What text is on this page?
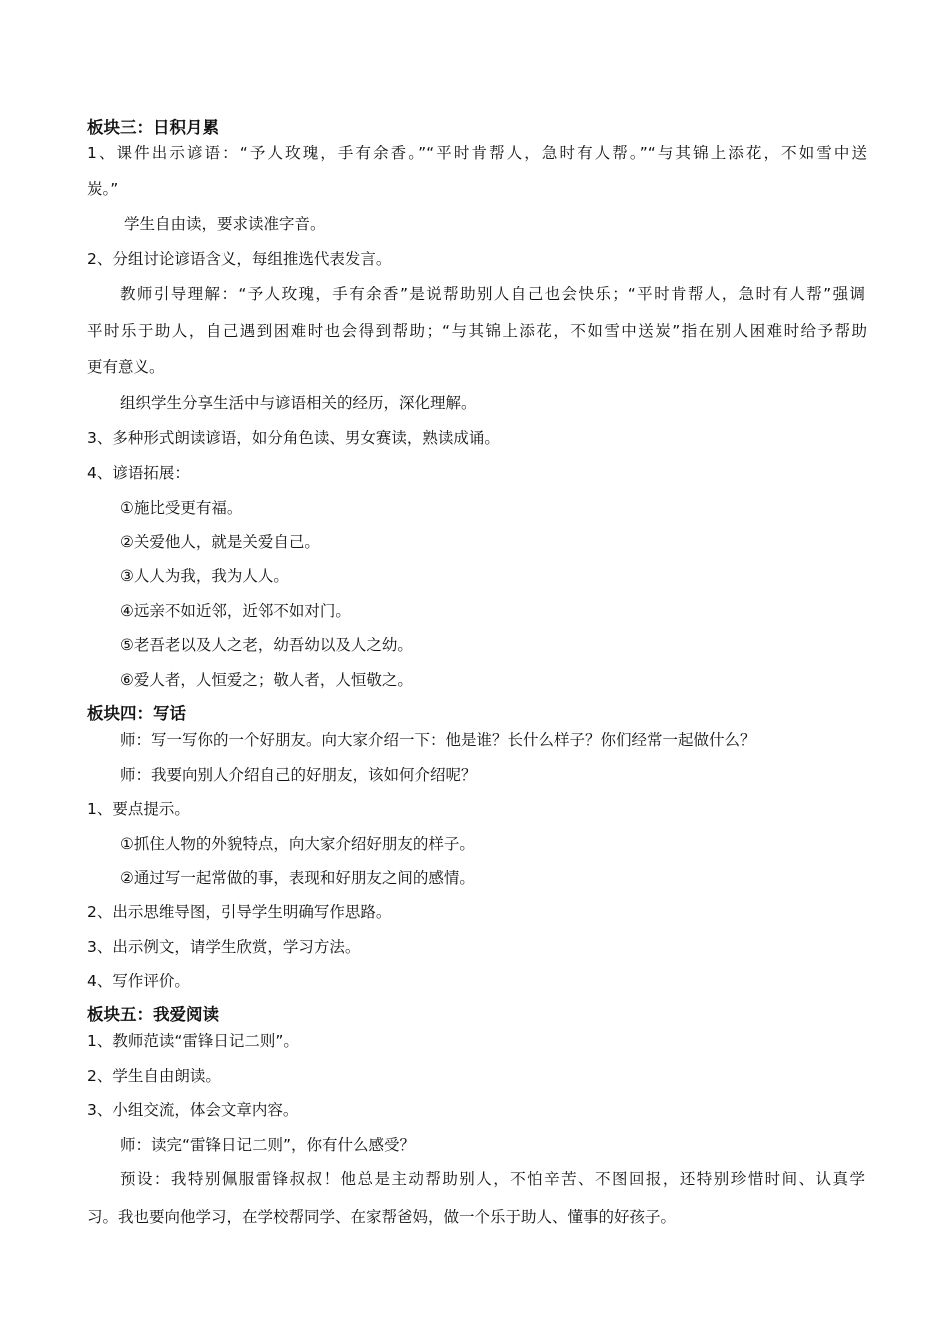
板块三：日积月累
1、课件出示谚语：“予人玫瑰，手有余香。”“平时肯帮人，急时有人帮。”“与其锦上添花，不如雪中送
炭。”
学生自由读，要求读准字音。
2、分组讨论谚语含义，每组推选代表发言。
教师引导理解：“予人玫瑰，手有余香”是说帮助别人自己也会快乐；“平时肯帮人，急时有人帮”强调
平时乐于助人，自己遇到困难时也会得到帮助；“与其锦上添花，不如雪中送炭”指在别人困难时给予帮助
更有意义。
组织学生分享生活中与谚语相关的经历，深化理解。
3、多种形式朗读谚语，如分角色读、男女赛读，熟读成诵。
4、谚语拓展：
①施比受更有福。
②关爱他人，就是关爱自己。
③人人为我，我为人人。
④远亲不如近邻，近邻不如对门。
⑤老吾老以及人之老，幼吾幼以及人之幼。
⑥爱人者，人恒爱之；敬人者，人恒敬之。
板块四：写话
师：写一写你的一个好朋友。向大家介绍一下：他是谁？长什么样子？你们经常一起做什么？
师：我要向别人介绍自己的好朋友，该如何介绍呢？
1、要点提示。
①抓住人物的外貌特点，向大家介绍好朋友的样子。
②通过写一起常做的事，表现和好朋友之间的感情。
2、出示思维导图，引导学生明确写作思路。
3、出示例文，请学生欣赏，学习方法。
4、写作评价。
板块五：我爱阅读
1、教师范读“雷锋日记二则”。
2、学生自由朗读。
3、小组交流，体会文章内容。
师：读完“雷锋日记二则”，你有什么感受？
预设：我特别佩服雷锋叔叔！他总是主动帮助别人，不怕辛苦、不图回报，还特别珍惜时间、认真学
习。我也要向他学习，在学校帮同学、在家帮爸妈，做一个乐于助人、懂事的好孩子。
